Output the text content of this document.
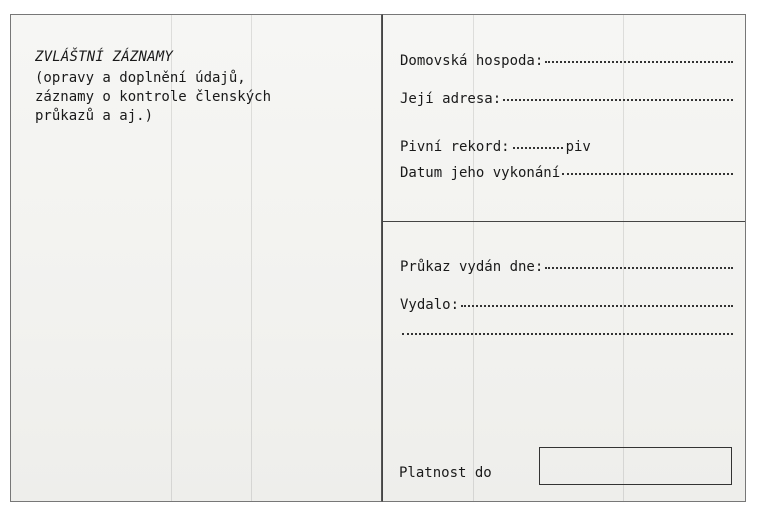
ZVLÁŠTNÍ ZÁZNAMY
(opravy a doplnění údajů,
záznamy o kontrole členských
průkazů a aj.)
Domovská hospoda:
Její adresa:
Pivní rekord:	piv
Datum jeho vykonání
Průkaz vydán dne:
Vydalo:
Platnost do
